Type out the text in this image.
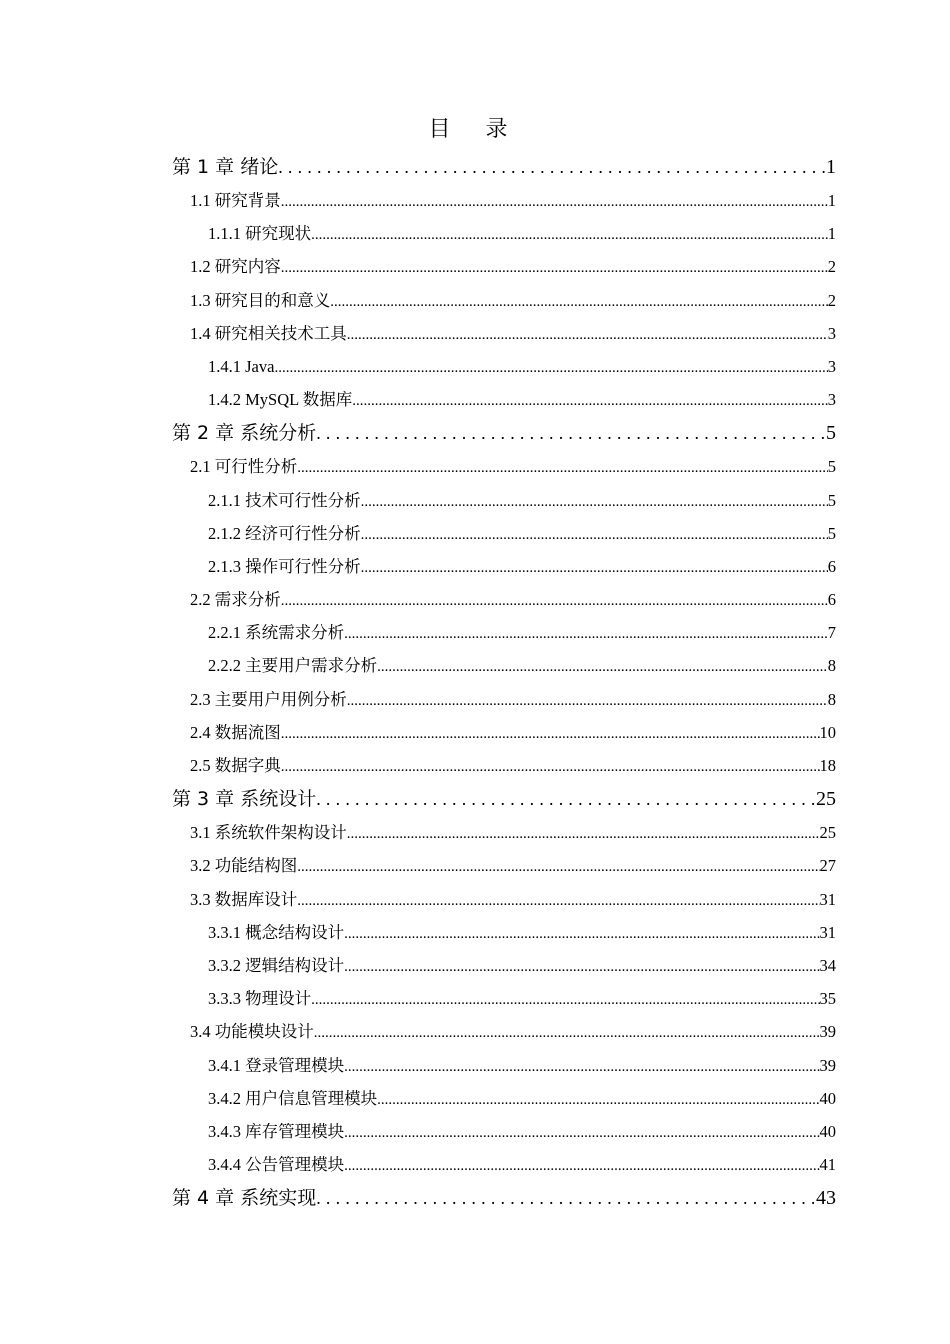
目 录
第 1 章 绪论 .....	1
1.1 研究背景 .....	1
1.1.1 研究现状 .....	1
1.2 研究内容 .....	2
1.3 研究目的和意义 .....	2
1.4 研究相关技术工具 .....	3
1.4.1 Java .....	3
1.4.2 MySQL 数据库 .....	3
第 2 章 系统分析 .....	5
2.1 可行性分析 .....	5
2.1.1 技术可行性分析 .....	5
2.1.2 经济可行性分析 .....	5
2.1.3 操作可行性分析 .....	6
2.2 需求分析 .....	6
2.2.1 系统需求分析 .....	7
2.2.2 主要用户需求分析 .....	8
2.3 主要用户用例分析 .....	8
2.4 数据流图 .....	10
2.5 数据字典 .....	18
第 3 章 系统设计 .....	25
3.1 系统软件架构设计 .....	25
3.2 功能结构图 .....	27
3.3 数据库设计 .....	31
3.3.1 概念结构设计 .....	31
3.3.2 逻辑结构设计 .....	34
3.3.3 物理设计 .....	35
3.4 功能模块设计 .....	39
3.4.1 登录管理模块 .....	39
3.4.2 用户信息管理模块 .....	40
3.4.3 库存管理模块 .....	40
3.4.4 公告管理模块 .....	41
第 4 章 系统实现 .....	43
